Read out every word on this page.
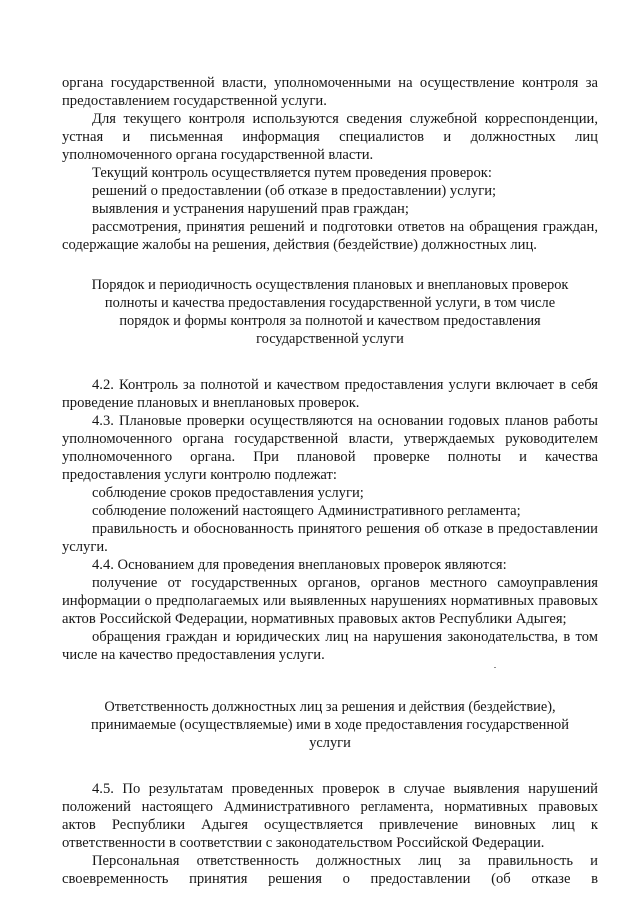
органа государственной власти, уполномоченными на осуществление контроля за предоставлением государственной услуги.

Для текущего контроля используются сведения служебной корреспонденции, устная и письменная информация специалистов и должностных лиц уполномоченного органа государственной власти.

Текущий контроль осуществляется путем проведения проверок:

решений о предоставлении (об отказе в предоставлении) услуги;

выявления и устранения нарушений прав граждан;

рассмотрения, принятия решений и подготовки ответов на обращения граждан, содержащие жалобы на решения, действия (бездействие) должностных лиц.

Порядок и периодичность осуществления плановых и внеплановых проверок полноты и качества предоставления государственной услуги, в том числе порядок и формы контроля за полнотой и качеством предоставления государственной услуги

4.2. Контроль за полнотой и качеством предоставления услуги включает в себя проведение плановых и внеплановых проверок.

4.3. Плановые проверки осуществляются на основании годовых планов работы уполномоченного органа государственной власти, утверждаемых руководителем уполномоченного органа. При плановой проверке полноты и качества предоставления услуги контролю подлежат:

соблюдение сроков предоставления услуги;

соблюдение положений настоящего Административного регламента;

правильность и обоснованность принятого решения об отказе в предоставлении услуги.

4.4. Основанием для проведения внеплановых проверок являются:

получение от государственных органов, органов местного самоуправления информации о предполагаемых или выявленных нарушениях нормативных правовых актов Российской Федерации, нормативных правовых актов Республики Адыгея;

обращения граждан и юридических лиц на нарушения законодательства, в том числе на качество предоставления услуги.

Ответственность должностных лиц за решения и действия (бездействие), принимаемые (осуществляемые) ими в ходе предоставления государственной услуги

4.5. По результатам проведенных проверок в случае выявления нарушений положений настоящего Административного регламента, нормативных правовых актов Республики Адыгея осуществляется привлечение виновных лиц к ответственности в соответствии с законодательством Российской Федерации.

Персональная ответственность должностных лиц за правильность и своевременность принятия решения о предоставлении (об отказе в
